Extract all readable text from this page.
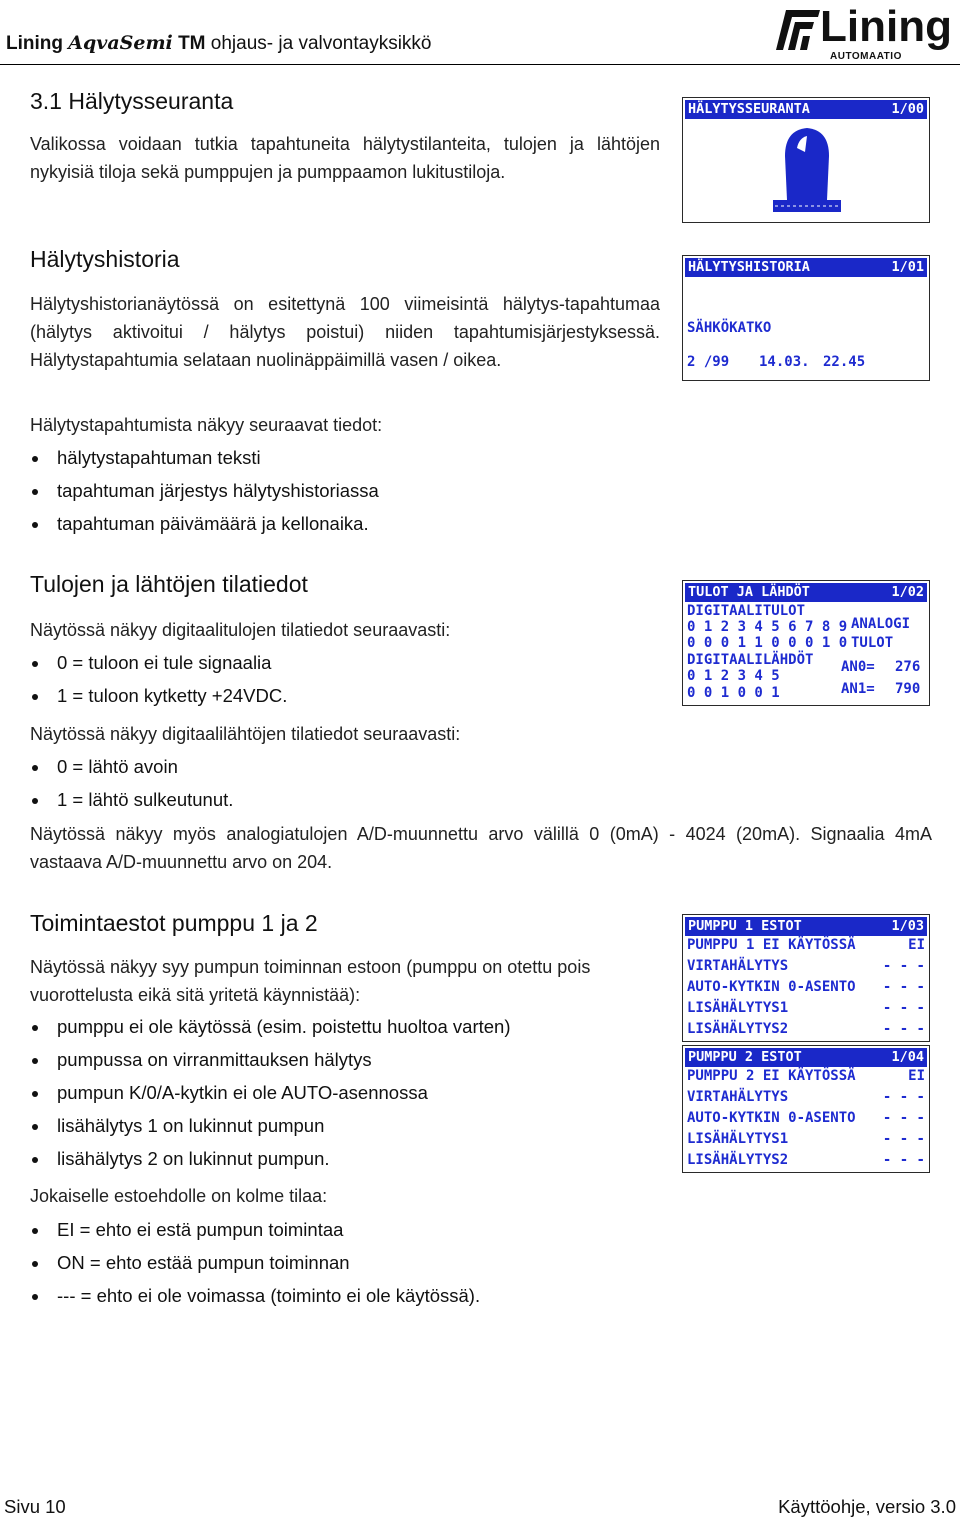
Lining AqvaSemi TM ohjaus- ja valvontayksikkö	Lining
AUTOMAATIO
3.1 Hälytysseuranta
Valikossa voidaan tutkia tapahtuneita hälytystilanteita, tulojen ja lähtöjen nykyisiä tiloja sekä pumppujen ja pumppaamon lukitustiloja.
HÄLYTYSSEURANTA	1/00
Hälytyshistoria
Hälytyshistorianäytössä on esitettynä 100 viimeisintä hälytys-tapahtumaa (hälytys aktivoitui / hälytys poistui) niiden tapahtumisjärjestyksessä. Hälytystapahtumia selataan nuolinäppäimillä vasen / oikea.
Hälytystapahtumista näkyy seuraavat tiedot:
hälytystapahtuman teksti
tapahtuman järjestys hälytyshistoriassa
tapahtuman päivämäärä ja kellonaika.
HÄLYTYSHISTORIA	1/01
SÄHKÖKATKO
2 /99 14.03. 22.45
Tulojen ja lähtöjen tilatiedot
Näytössä näkyy digitaalitulojen tilatiedot seuraavasti:
0 = tuloon ei tule signaalia
1 = tuloon kytketty +24VDC.
Näytössä näkyy digitaalilähtöjen tilatiedot seuraavasti:
0 = lähtö avoin
1 = lähtö sulkeutunut.
Näytössä näkyy myös analogiatulojen A/D-muunnettu arvo välillä 0 (0mA) - 4024 (20mA). Signaalia 4mA vastaava A/D-muunnettu arvo on 204.
TULOT JA LÄHDÖT	1/02
DIGITAALITULOT
0 1 2 3 4 5 6 7 8 9
0 0 0 1 1 0 0 0 1 0
DIGITAALILÄHDÖT
0 1 2 3 4 5
0 0 1 0 0 1
ANALOGI
TULOT
AN0= 276
AN1= 790
Toimintaestot pumppu 1 ja 2
Näytössä näkyy syy pumpun toiminnan estoon (pumppu on otettu pois vuorottelusta eikä sitä yritetä käynnistää):
pumppu ei ole käytössä (esim. poistettu huoltoa varten)
pumpussa on virranmittauksen hälytys
pumpun K/0/A-kytkin ei ole AUTO-asennossa
lisähälytys 1 on lukinnut pumpun
lisähälytys 2 on lukinnut pumpun.
Jokaiselle estoehdolle on kolme tilaa:
EI = ehto ei estä pumpun toimintaa
ON = ehto estää pumpun toiminnan
--- = ehto ei ole voimassa (toiminto ei ole käytössä).
PUMPPU 1 ESTOT	1/03
PUMPPU 1 EI KÄYTÖSSÄ	EI
VIRTAHÄLYTYS	- - -
AUTO-KYTKIN 0-ASENTO - - -
LISÄHÄLYTYS1	- - -
LISÄHÄLYTYS2	- - -
PUMPPU 2 ESTOT	1/04
PUMPPU 2 EI KÄYTÖSSÄ	EI
VIRTAHÄLYTYS	- - -
AUTO-KYTKIN 0-ASENTO - - -
LISÄHÄLYTYS1	- - -
LISÄHÄLYTYS2	- - -
Sivu 10	Käyttöohje, versio 3.0
